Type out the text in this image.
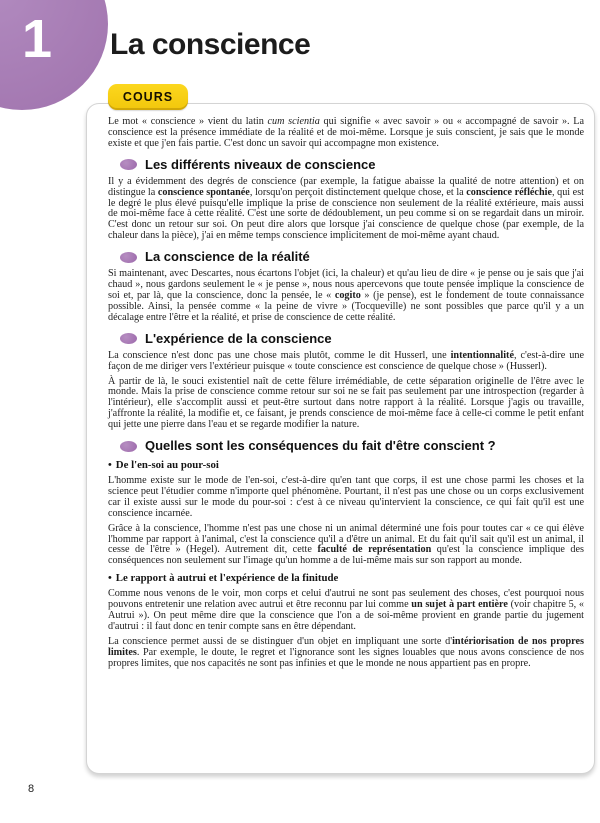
Le mot « conscience » vient du latin cum scientia qui signifie « avec savoir » ou « accompagné de savoir ». La conscience est la présence immédiate de la réalité et de moi-même. Lorsque je suis conscient, je sais que le monde existe et que j'en fais partie. C'est donc un savoir qui accompagne mon existence.

Les différents niveaux de conscience

Il y a évidemment des degrés de conscience (par exemple, la fatigue abaisse la qualité de notre attention) et on distingue la conscience spontanée, lorsqu'on perçoit distinctement quelque chose, et la conscience réfléchie, qui est le degré le plus élevé puisqu'elle implique la prise de conscience non seulement de la réalité extérieure, mais aussi de moi-même face à cette réalité. C'est une sorte de dédoublement, un peu comme si on se regardait dans un miroir. C'est donc un retour sur soi. On peut dire alors que lorsque j'ai conscience de quelque chose (par exemple, de la chaleur dans la pièce), j'ai en même temps conscience implicitement de moi-même ayant chaud.

La conscience de la réalité

Si maintenant, avec Descartes, nous écartons l'objet (ici, la chaleur) et qu'au lieu de dire « je pense ou je sais que j'ai chaud », nous gardons seulement le « je pense », nous nous apercevons que toute pensée implique la conscience de soi et, par là, que la conscience, donc la pensée, le « cogito » (je pense), est le fondement de toute connaissance possible. Ainsi, la pensée comme « la peine de vivre » (Tocqueville) ne sont possibles que parce qu'il y a un décalage entre l'être et la réalité, et prise de conscience de cette réalité.

L'expérience de la conscience

La conscience n'est donc pas une chose mais plutôt, comme le dit Husserl, une intentionnalité, c'est-à-dire une façon de me diriger vers l'extérieur puisque « toute conscience est conscience de quelque chose » (Husserl).

À partir de là, le souci existentiel naît de cette fêlure irrémédiable, de cette séparation originelle de l'être avec le monde. Mais la prise de conscience comme retour sur soi ne se fait pas seulement par une introspection (regarder à l'intérieur), elle s'accomplit aussi et peut-être surtout dans notre rapport à la réalité. Lorsque j'agis ou travaille, j'affronte la réalité, la modifie et, ce faisant, je prends conscience de moi-même face à celle-ci comme le petit enfant qui jette une pierre dans l'eau et se regarde modifier la nature.

Quelles sont les conséquences du fait d'être conscient ?
• De l'en-soi au pour-soi

L'homme existe sur le mode de l'en-soi, c'est-à-dire qu'en tant que corps, il est une chose parmi les choses et la science peut l'étudier comme n'importe quel phénomène. Pourtant, il n'est pas une chose ou un corps exclusivement car il existe aussi sur le mode du pour-soi : c'est à ce niveau qu'intervient la conscience, ce qui fait qu'il est une conscience incarnée.

Grâce à la conscience, l'homme n'est pas une chose ni un animal déterminé une fois pour toutes car « ce qui élève l'homme par rapport à l'animal, c'est la conscience qu'il a d'être un animal. Et du fait qu'il sait qu'il est un animal, il cesse de l'être » (Hegel). Autrement dit, cette faculté de représentation qu'est la conscience implique des conséquences non seulement sur l'image qu'un homme a de lui-même mais sur son rapport au monde.

• Le rapport à autrui et l'expérience de la finitude

Comme nous venons de le voir, mon corps et celui d'autrui ne sont pas seulement des choses, c'est pourquoi nous pouvons entretenir une relation avec autrui et être reconnu par lui comme un sujet à part entière (voir chapitre 5, « Autrui »). On peut même dire que la conscience que l'on a de soi-même provient en grande partie du jugement d'autrui : il faut donc en tenir compte sans en être dépendant.

La conscience permet aussi de se distinguer d'un objet en impliquant une sorte d'intériorisation de nos propres limites. Par exemple, le doute, le regret et l'ignorance sont les signes louables que nous avons conscience de nos propres limites, que nos capacités ne sont pas infinies et que le monde ne nous appartient pas en propre.

1 La conscience
COURS
8
